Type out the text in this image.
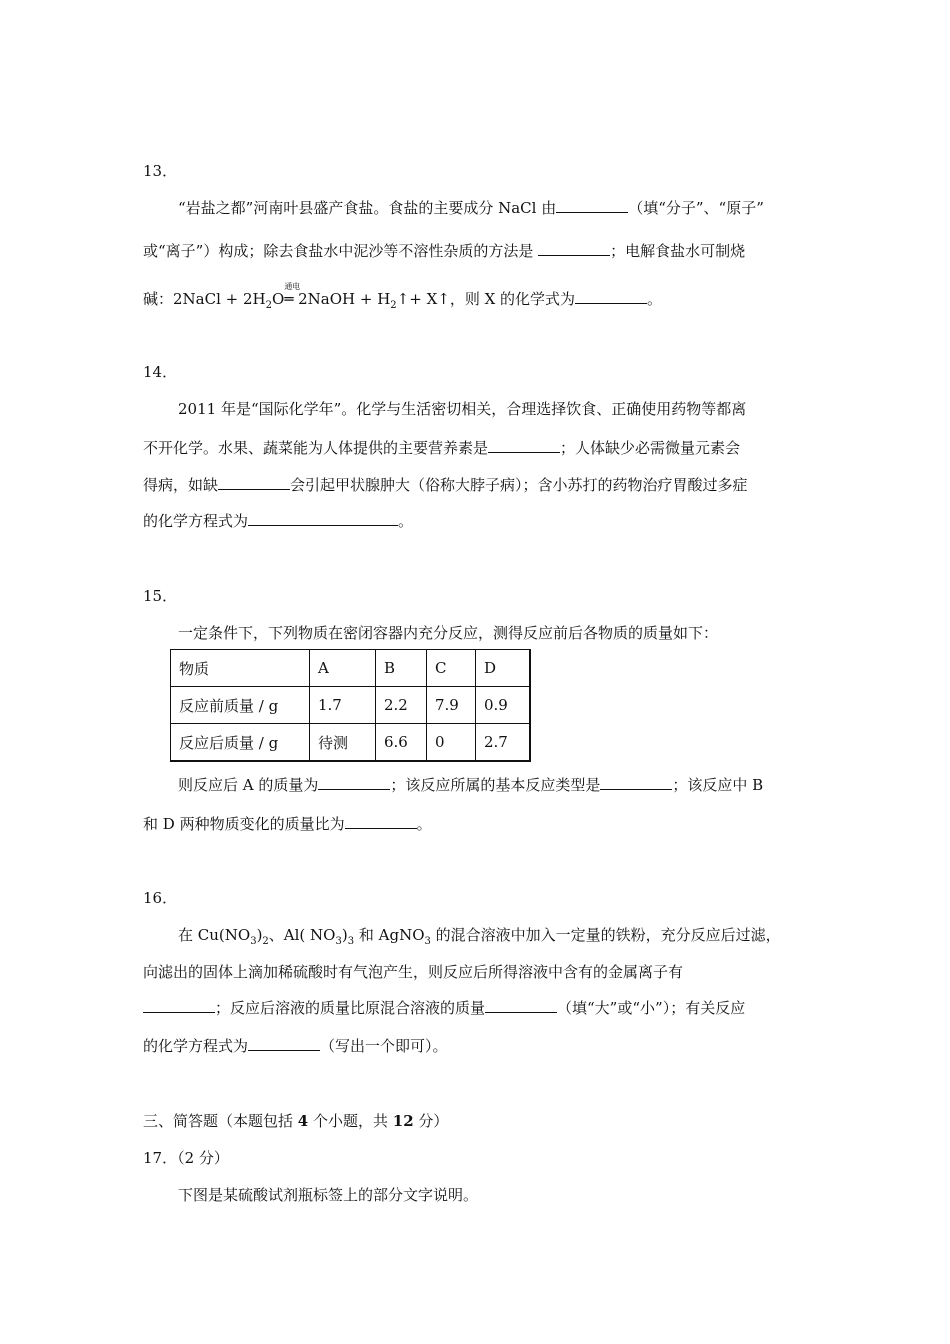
13．
“岩盐之都”河南叶县盛产食盐。食盐的主要成分 NaCl 由	（填“分子”、“原子”
或“离子”）构成；除去食盐水中泥沙等不溶性杂质的方法是	；电解食盐水可制烧
碱：2NaCl + $2H_2O$
通电
═ 2NaOH + $H_2↑+$ X↑，则 X 的化学式为	。
14．
2011 年是“国际化学年”。化学与生活密切相关，合理选择饮食、正确使用药物等都离
不开化学。水果、蔬菜能为人体提供的主要营养素是	；人体缺少必需微量元素会
得病，如缺	会引起甲状腺肿大（俗称大脖子病）；含小苏打的药物治疗胃酸过多症
的化学方程式为	。
15．
一定条件下，下列物质在密闭容器内充分反应，测得反应前后各物质的质量如下：
物质	A	B	C	D
反应前质量 / g	1.7	2.2	7.9	0.9
反应后质量 / g	待测	6.6	0	2.7
则反应后 A 的质量为	；该反应所属的基本反应类型是	；该反应中 B
和 D 两种物质变化的质量比为	。
16．
在 $Cu(NO_3)_2$、Al( $NO_3)_3$ 和 AgNO$_3$ 的混合溶液中加入一定量的铁粉，充分反应后过滤，
向滤出的固体上滴加稀硫酸时有气泡产生，则反应后所得溶液中含有的金属离子有
；反应后溶液的质量比原混合溶液的质量	（填“大”或“小”）；有关反应
的化学方程式为	（写出一个即可）。
三、简答题（本题包括 4 个小题，共 12 分）
17．（2 分）
下图是某硫酸试剂瓶标签上的部分文字说明。
